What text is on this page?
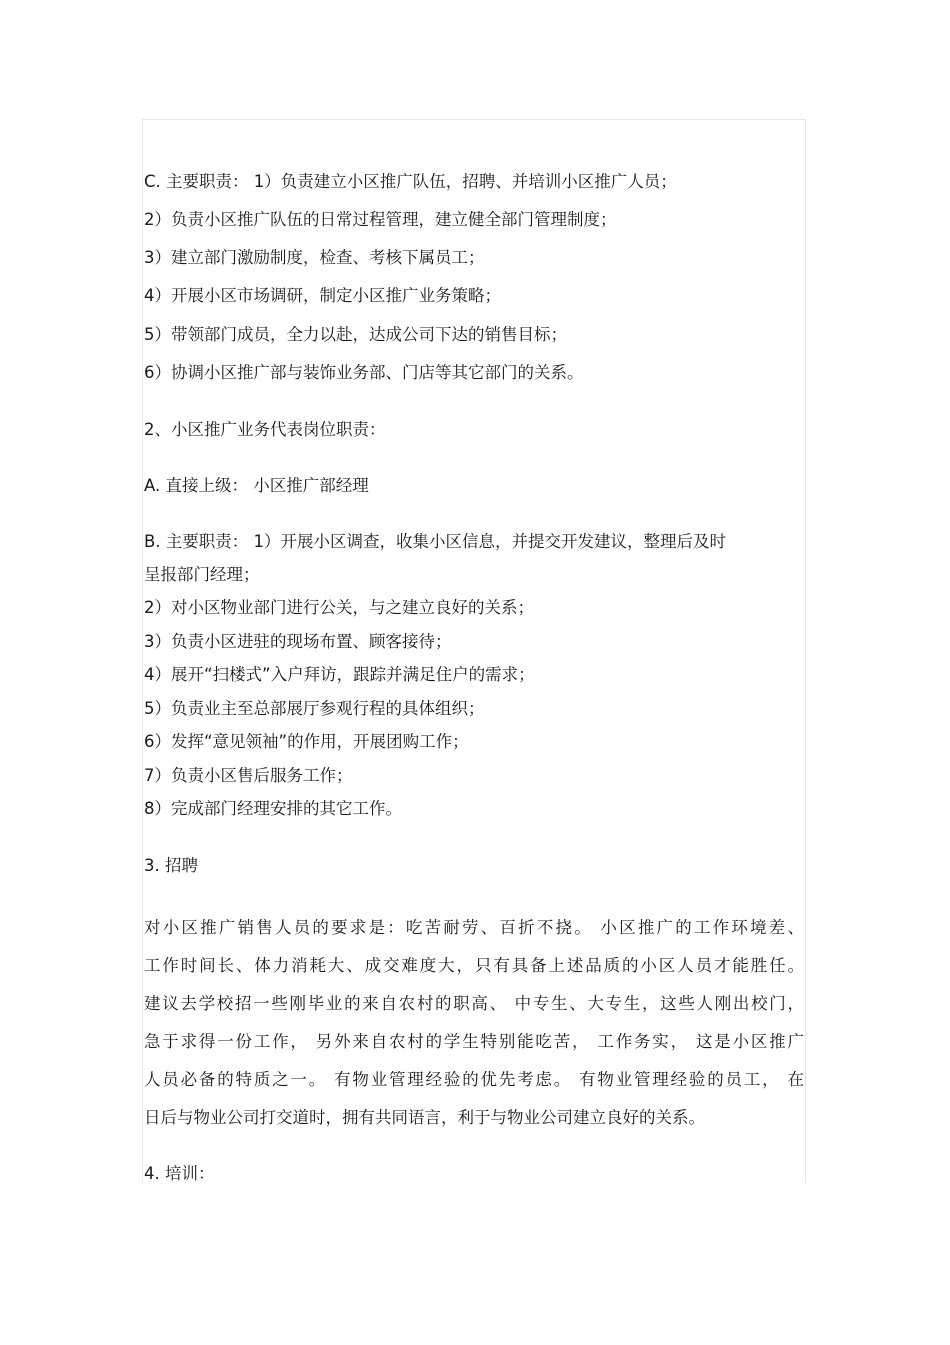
C. 主要职责： 1）负责建立小区推广队伍，招聘、并培训小区推广人员；
2）负责小区推广队伍的日常过程管理，建立健全部门管理制度；
3）建立部门激励制度，检查、考核下属员工；
4）开展小区市场调研，制定小区推广业务策略；
5）带领部门成员，全力以赴，达成公司下达的销售目标；
6）协调小区推广部与装饰业务部、门店等其它部门的关系。
2、小区推广业务代表岗位职责：
A. 直接上级： 小区推广部经理
B. 主要职责： 1）开展小区调查，收集小区信息，并提交开发建议，整理后及时
呈报部门经理；
2）对小区物业部门进行公关，与之建立良好的关系；
3）负责小区进驻的现场布置、顾客接待；
4）展开“扫楼式”入户拜访，跟踪并满足住户的需求；
5）负责业主至总部展厅参观行程的具体组织；
6）发挥“意见领袖”的作用，开展团购工作；
7）负责小区售后服务工作；
8）完成部门经理安排的其它工作。
3. 招聘
对小区推广销售人员的要求是：吃苦耐劳、百折不挠。 小区推广的工作环境差、
工作时间长、体力消耗大、成交难度大，只有具备上述品质的小区人员才能胜任。
建议去学校招一些刚毕业的来自农村的职高、 中专生、大专生，这些人刚出校门，
急于求得一份工作， 另外来自农村的学生特别能吃苦， 工作务实， 这是小区推广
人员必备的特质之一。 有物业管理经验的优先考虑。 有物业管理经验的员工， 在
日后与物业公司打交道时，拥有共同语言，利于与物业公司建立良好的关系。
4. 培训：
